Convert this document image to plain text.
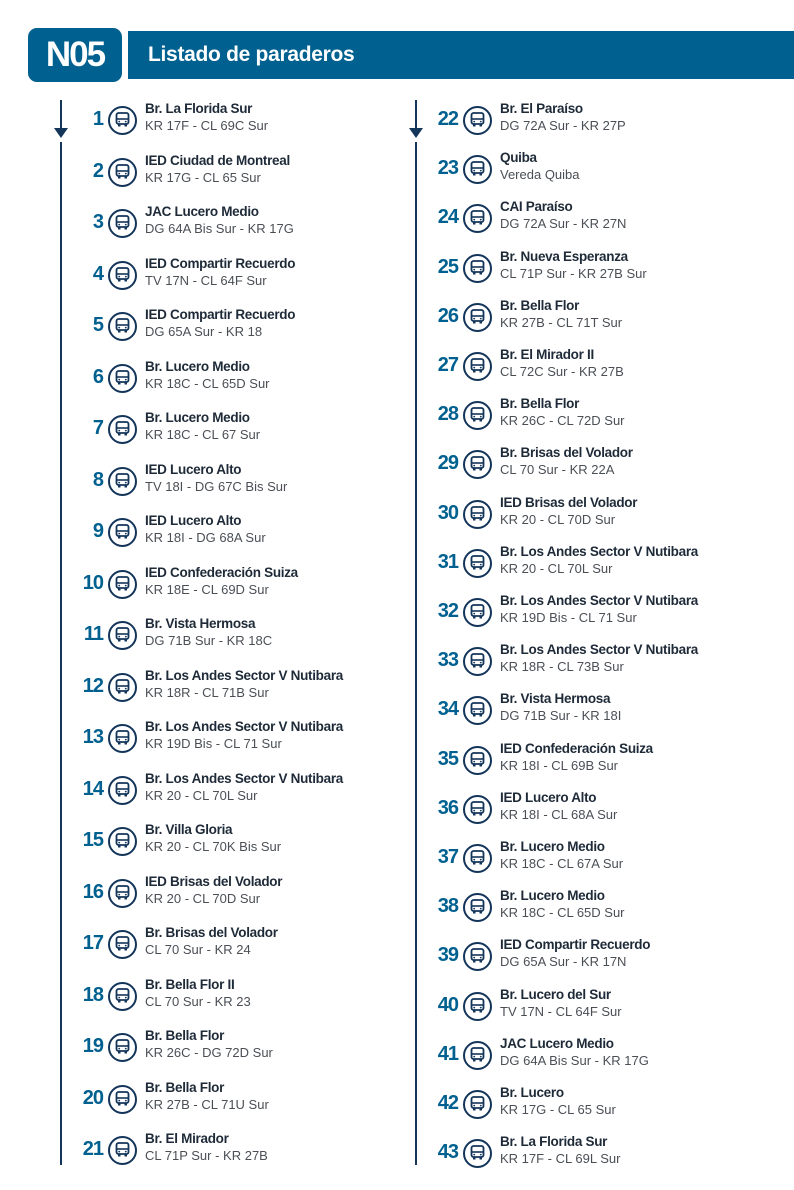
N05 Listado de paraderos
1	Br. La Florida Sur
KR 17F - CL 69C Sur
2	IED Ciudad de Montreal
KR 17G - CL 65 Sur
3	JAC Lucero Medio
DG 64A Bis Sur - KR 17G
4	IED Compartir Recuerdo
TV 17N - CL 64F Sur
5	IED Compartir Recuerdo
DG 65A Sur - KR 18
6	Br. Lucero Medio
KR 18C - CL 65D Sur
7	Br. Lucero Medio
KR 18C - CL 67 Sur
8	IED Lucero Alto
TV 18I - DG 67C Bis Sur
9	IED Lucero Alto
KR 18I - DG 68A Sur
10	IED Confederación Suiza
KR 18E - CL 69D Sur
11	Br. Vista Hermosa
DG 71B Sur - KR 18C
12	Br. Los Andes Sector V Nutibara
KR 18R - CL 71B Sur
13	Br. Los Andes Sector V Nutibara
KR 19D Bis - CL 71 Sur
14	Br. Los Andes Sector V Nutibara
KR 20 - CL 70L Sur
15	Br. Villa Gloria
KR 20 - CL 70K Bis Sur
16	IED Brisas del Volador
KR 20 - CL 70D Sur
17	Br. Brisas del Volador
CL 70 Sur - KR 24
18	Br. Bella Flor II
CL 70 Sur - KR 23
19	Br. Bella Flor
KR 26C - DG 72D Sur
20	Br. Bella Flor
KR 27B - CL 71U Sur
21	Br. El Mirador
CL 71P Sur - KR 27B
22	Br. El Paraíso
DG 72A Sur - KR 27P
23	Quiba
Vereda Quiba
24	CAI Paraíso
DG 72A Sur - KR 27N
25	Br. Nueva Esperanza
CL 71P Sur - KR 27B Sur
26	Br. Bella Flor
KR 27B - CL 71T Sur
27	Br. El Mirador II
CL 72C Sur - KR 27B
28	Br. Bella Flor
KR 26C - CL 72D Sur
29	Br. Brisas del Volador
CL 70 Sur - KR 22A
30	IED Brisas del Volador
KR 20 - CL 70D Sur
31	Br. Los Andes Sector V Nutibara
KR 20 - CL 70L Sur
32	Br. Los Andes Sector V Nutibara
KR 19D Bis - CL 71 Sur
33	Br. Los Andes Sector V Nutibara
KR 18R - CL 73B Sur
34	Br. Vista Hermosa
DG 71B Sur - KR 18I
35	IED Confederación Suiza
KR 18I - CL 69B Sur
36	IED Lucero Alto
KR 18I - CL 68A Sur
37	Br. Lucero Medio
KR 18C - CL 67A Sur
38	Br. Lucero Medio
KR 18C - CL 65D Sur
39	IED Compartir Recuerdo
DG 65A Sur - KR 17N
40	Br. Lucero del Sur
TV 17N - CL 64F Sur
41	JAC Lucero Medio
DG 64A Bis Sur - KR 17G
42	Br. Lucero
KR 17G - CL 65 Sur
43	Br. La Florida Sur
KR 17F - CL 69L Sur
